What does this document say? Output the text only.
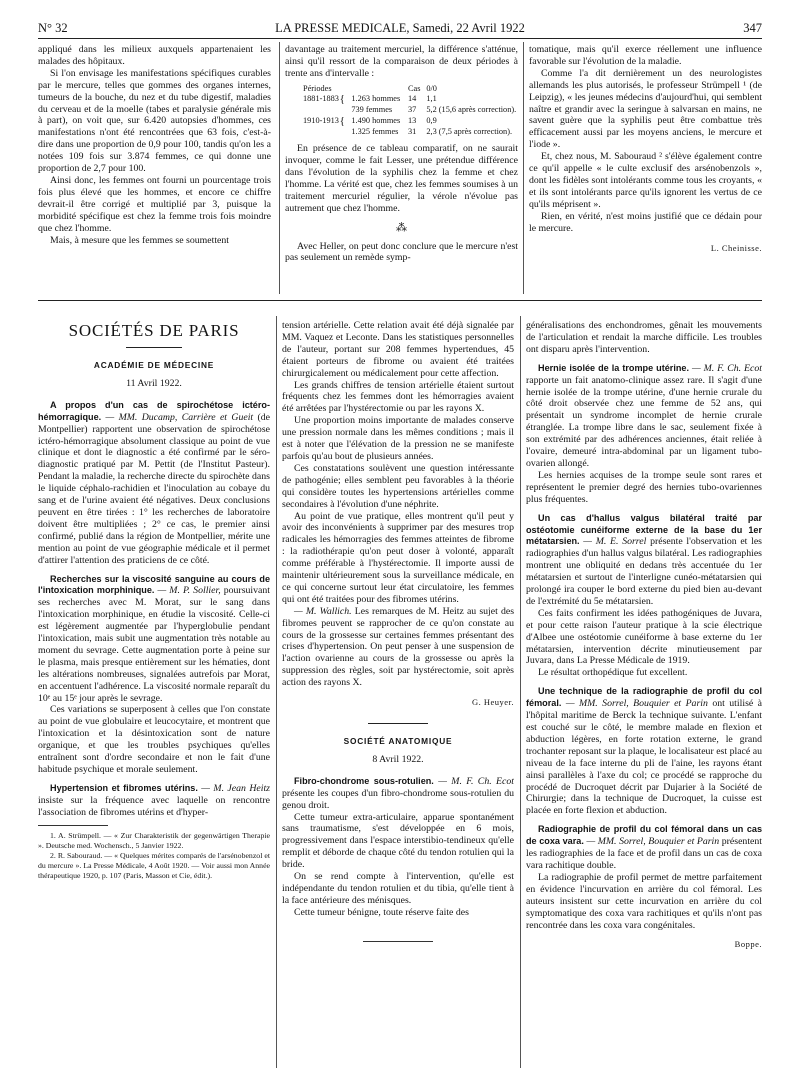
N° 32	LA PRESSE MEDICALE, Samedi, 22 Avril 1922	347

appliqué dans les milieux auxquels appartenaient les malades des hôpitaux.

Si l'on envisage les manifestations spécifiques curables par le mercure, telles que gommes des organes internes, tumeurs de la bouche, du nez et du tube digestif, maladies du cerveau et de la moelle (tabes et paralysie générale mis à part), on voit que, sur 6.420 autopsies d'hommes, ces manifestations n'ont été rencontrées que 63 fois, c'est-à-dire dans une proportion de 0,9 pour 100, tandis qu'on les a notées 109 fois sur 3.874 femmes, ce qui donne une proportion de 2,7 pour 100.

Ainsi donc, les femmes ont fourni un pourcentage trois fois plus élevé que les hommes, et encore ce chiffre devrait-il être corrigé et multiplié par 3, puisque la morbidité spécifique est chez la femme trois fois moindre que chez l'homme.

Mais, à mesure que les femmes se soumettent

davantage au traitement mercuriel, la différence s'atténue, ainsi qu'il ressort de la comparaison de deux périodes à trente ans d'intervalle :

Périodes	Cas 0/0
1881-1883 { 1.263 hommes 14	1,1
739 femmes	37	5,2 (15,6 après correction).
1910-1913 { 1.490 hommes 13	0,9
1.325 femmes	31	2,3 (7,5 après correction).

En présence de ce tableau comparatif, on ne saurait invoquer, comme le fait Lesser, une prétendue différence dans l'évolution de la syphilis chez la femme et chez l'homme. La vérité est que, chez les femmes soumises à un traitement mercuriel régulier, la vérole n'évolue pas autrement que chez l'homme.

⁂

Avec Heller, on peut donc conclure que le mercure n'est pas seulement un remède symp-

tomatique, mais qu'il exerce réellement une influence favorable sur l'évolution de la maladie.

Comme l'a dit dernièrement un des neurologistes allemands les plus autorisés, le professeur Strümpell ¹ (de Leipzig), « les jeunes médecins d'aujourd'hui, qui semblent naître et grandir avec la seringue à salvarsan en mains, ne savent guère que la syphilis peut être combattue très efficacement aussi par les moyens anciens, le mercure et l'iode ».

Et, chez nous, M. Sabouraud ² s'élève également contre ce qu'il appelle « le culte exclusif des arsénobenzols », dont les fidèles sont intolérants comme tous les croyants, « et ils sont intolérants parce qu'ils ignorent les vertus de ce qu'ils méprisent ».

Rien, en vérité, n'est moins justifié que ce dédain pour le mercure.

L. Cheinisse.

SOCIÉTÉS DE PARIS

ACADÉMIE DE MÉDECINE

11 Avril 1922.

A propos d'un cas de spirochétose ictéro-hémorragique. — MM. Ducamp, Carrière et Gueit (de Montpellier) rapportent une observation de spirochétose ictéro-hémorragique absolument classique au point de vue clinique et dont le diagnostic a été confirmé par le séro-diagnostic pratiqué par M. Pettit (de l'Institut Pasteur). Pendant la maladie, la recherche directe du spirochète dans le liquide céphalo-rachidien et l'inoculation au cobaye du sang et de l'urine avaient été négatives. Deux conclusions peuvent en être tirées : 1° les recherches de laboratoire doivent être multipliées ; 2° ce cas, le premier ainsi confirmé, publié dans la région de Montpellier, mérite une mention au point de vue géographie médicale et il permet d'attirer l'attention des praticiens de ce côté.

Recherches sur la viscosité sanguine au cours de l'intoxication morphinique. — M. P. Sollier, poursuivant ses recherches avec M. Morat, sur le sang dans l'intoxication morphinique, en étudie la viscosité. Celle-ci est légèrement augmentée par l'hyperglobulie pendant l'intoxication, mais subit une augmentation très notable au moment du sevrage. Cette augmentation porte à peine sur le plasma, mais presque entièrement sur les hématies, dont les altérations nombreuses, signalées autrefois par Morat, en accentuent l'adhérence. La viscosité normale reparaît du 10ᵉ au 15ᵉ jour après le sevrage.

Ces variations se superposent à celles que l'on constate au point de vue globulaire et leucocytaire, et montrent que l'intoxication et la désintoxication sont de nature organique, et que les troubles psychiques qu'elles entraînent sont d'ordre secondaire et non le fait d'une habitude psychique et morale seulement.

Hypertension et fibromes utérins. — M. Jean Heitz insiste sur la fréquence avec laquelle on rencontre l'association de fibromes utérins et d'hyper-

1. A. Strümpell. — « Zur Charakteristik der gegenwärtigen Therapie ». Deutsche med. Wochensch., 5 Janvier 1922.

2. R. Sabouraud. — « Quelques mérites comparés de l'arsénobenzol et du mercure ». La Presse Médicale, 4 Août 1920. — Voir aussi mon Année thérapeutique 1920, p. 107 (Paris, Masson et Cie, édit.).

tension artérielle. Cette relation avait été déjà signalée par MM. Vaquez et Leconte. Dans les statistiques personnelles de l'auteur, portant sur 208 femmes hypertendues, 45 étaient porteurs de fibrome ou avaient été traitées chirurgicalement ou médicalement pour cette affection.

Les grands chiffres de tension artérielle étaient surtout fréquents chez les femmes dont les hémorragies avaient été arrêtées par l'hystérectomie ou par les rayons X.

Une proportion moins importante de malades conserve une pression normale dans les mêmes conditions ; mais il est à noter que l'élévation de la pression ne se manifeste parfois qu'au bout de plusieurs années.

Ces constatations soulèvent une question intéressante de pathogénie; elles semblent peu favorables à la théorie qui considère toutes les hypertensions artérielles comme secondaires à l'évolution d'une néphrite.

Au point de vue pratique, elles montrent qu'il peut y avoir des inconvénients à supprimer par des mesures trop radicales les hémorragies des femmes atteintes de fibrome : la radiothérapie qu'on peut doser à volonté, apparaît comme préférable à l'hystérectomie. Il importe aussi de maintenir ultérieurement sous la surveillance médicale, en ce qui concerne surtout leur état circulatoire, les femmes qui ont été traitées pour des fibromes utérins.

— M. Wallich. Les remarques de M. Heitz au sujet des fibromes peuvent se rapprocher de ce qu'on constate au cours de la grossesse sur certaines femmes présentant des crises d'hypertension. On peut penser à une suspension de l'action ovarienne au cours de la grossesse ou après la suppression des règles, soit par hystérectomie, soit après action des rayons X.

G. Heuyer.

SOCIÉTÉ ANATOMIQUE

8 Avril 1922.

Fibro-chondrome sous-rotulien. — M. F. Ch. Ecot présente les coupes d'un fibro-chondrome sous-rotulien du genou droit.

Cette tumeur extra-articulaire, apparue spontanément sans traumatisme, s'est développée en 6 mois, progressivement dans l'espace interstibio-tendineux qu'elle remplit et déborde de chaque côté du tendon rotulien qui la bride.

On se rend compte à l'intervention, qu'elle est indépendante du tendon rotulien et du tibia, qu'elle tient à la face antérieure des ménisques.

Cette tumeur bénigne, toute réserve faite des

généralisations des enchondromes, gênait les mouvements de l'articulation et rendait la marche difficile. Les troubles ont disparu après l'intervention.

Hernie isolée de la trompe utérine. — M. F. Ch. Ecot rapporte un fait anatomo-clinique assez rare. Il s'agit d'une hernie isolée de la trompe utérine, d'une hernie crurale du côté droit observée chez une femme de 52 ans, qui présentait un syndrome incomplet de hernie crurale étranglée. La trompe libre dans le sac, seulement fixée à son extrémité par des adhérences anciennes, était reliée à l'ovaire, demeuré intra-abdominal par un ligament tubo-ovarien allongé.

Les hernies acquises de la trompe seule sont rares et représentent le premier degré des hernies tubo-ovariennes plus fréquentes.

Un cas d'hallus valgus bilatéral traité par ostéotomie cunéiforme externe de la base du 1er métatarsien. — M. E. Sorrel présente l'observation et les radiographies d'un hallus valgus bilatéral. Les radiographies montrent une obliquité en dedans très accentuée du 1er métatarsien et surtout de l'interligne cunéo-métatarsien qui prolongé ira couper le bord externe du pied bien au-devant de l'extrémité du 5e métatarsien.

Ces faits confirment les idées pathogéniques de Juvara, et pour cette raison l'auteur pratique à la scie électrique d'Albee une ostéotomie cunéiforme à base externe du 1er métatarsien, intervention décrite minutieusement par Juvara, dans La Presse Médicale de 1919.

Le résultat orthopédique fut excellent.

Une technique de la radiographie de profil du col fémoral. — MM. Sorrel, Bouquier et Parin ont utilisé à l'hôpital maritime de Berck la technique suivante. L'enfant est couché sur le côté, le membre malade en flexion et abduction légères, en forte rotation externe, le grand trochanter reposant sur la plaque, le localisateur est placé au niveau de la face interne du pli de l'aine, les rayons étant ainsi parallèles à l'axe du col; ce procédé se rapproche du procédé de Ducroquet décrit par Dujarier à la Société de Chirurgie; dans la technique de Ducroquet, la cuisse est placée en forte flexion et abduction.

Radiographie de profil du col fémoral dans un cas de coxa vara. — MM. Sorrel, Bouquier et Parin présentent les radiographies de la face et de profil dans un cas de coxa vara rachitique double.

La radiographie de profil permet de mettre parfaitement en évidence l'incurvation en arrière du col fémoral. Les auteurs insistent sur cette incurvation en arrière du col symptomatique des coxa vara rachitiques et qu'ils n'ont pas rencontrée dans les coxa vara congénitales.

Boppe.
